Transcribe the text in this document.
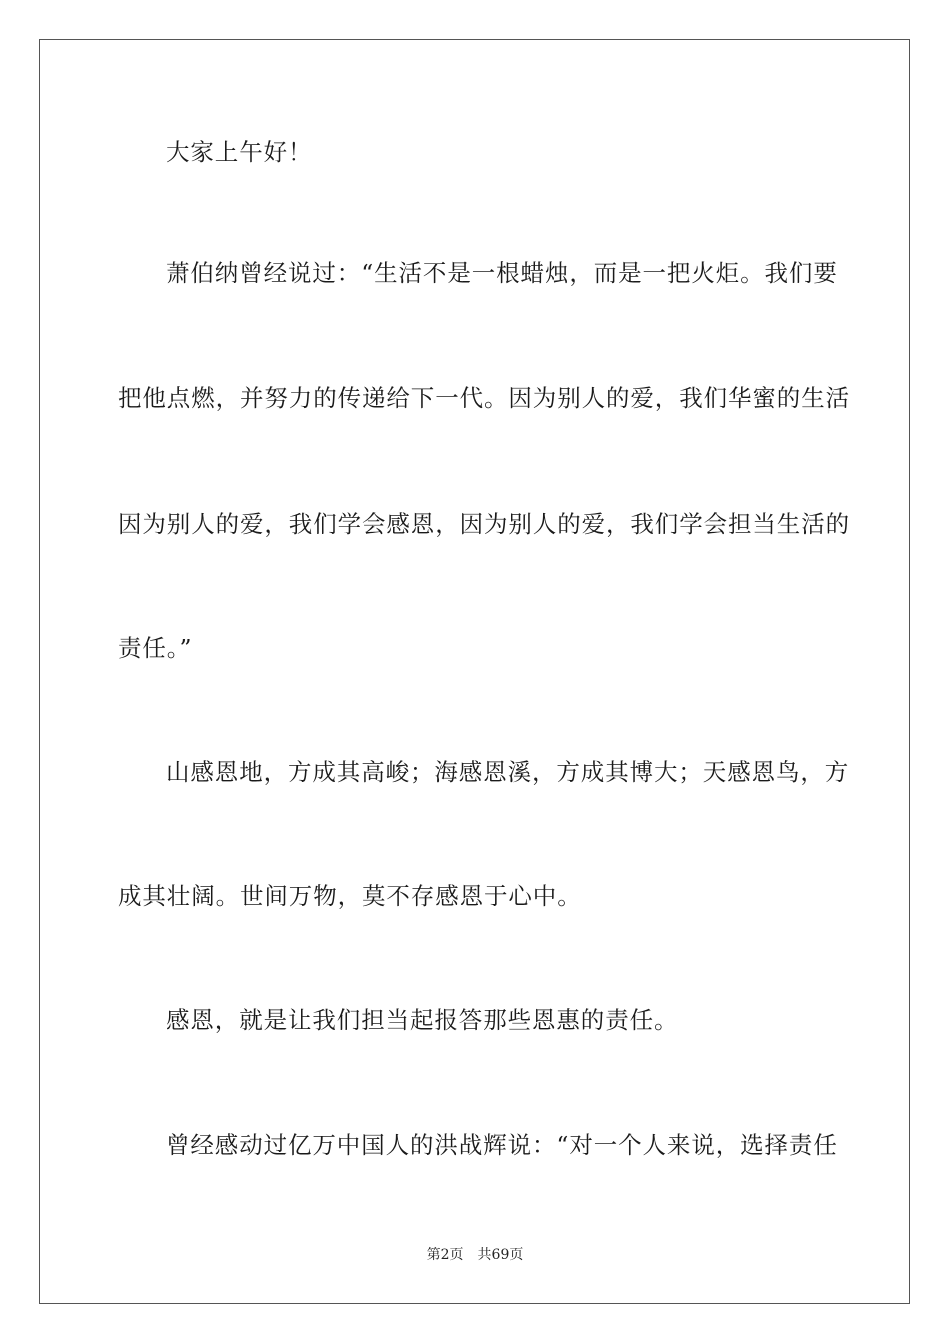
大家上午好！
萧伯纳曾经说过：“生活不是一根蜡烛，而是一把火炬。我们要
把他点燃，并努力的传递给下一代。因为别人的爱，我们华蜜的生活
因为别人的爱，我们学会感恩，因为别人的爱，我们学会担当生活的
责任。”
山感恩地，方成其高峻；海感恩溪，方成其博大；天感恩鸟，方
成其壮阔。世间万物，莫不存感恩于心中。
感恩，就是让我们担当起报答那些恩惠的责任。
曾经感动过亿万中国人的洪战辉说：“对一个人来说，选择责任
第2页 共69页
